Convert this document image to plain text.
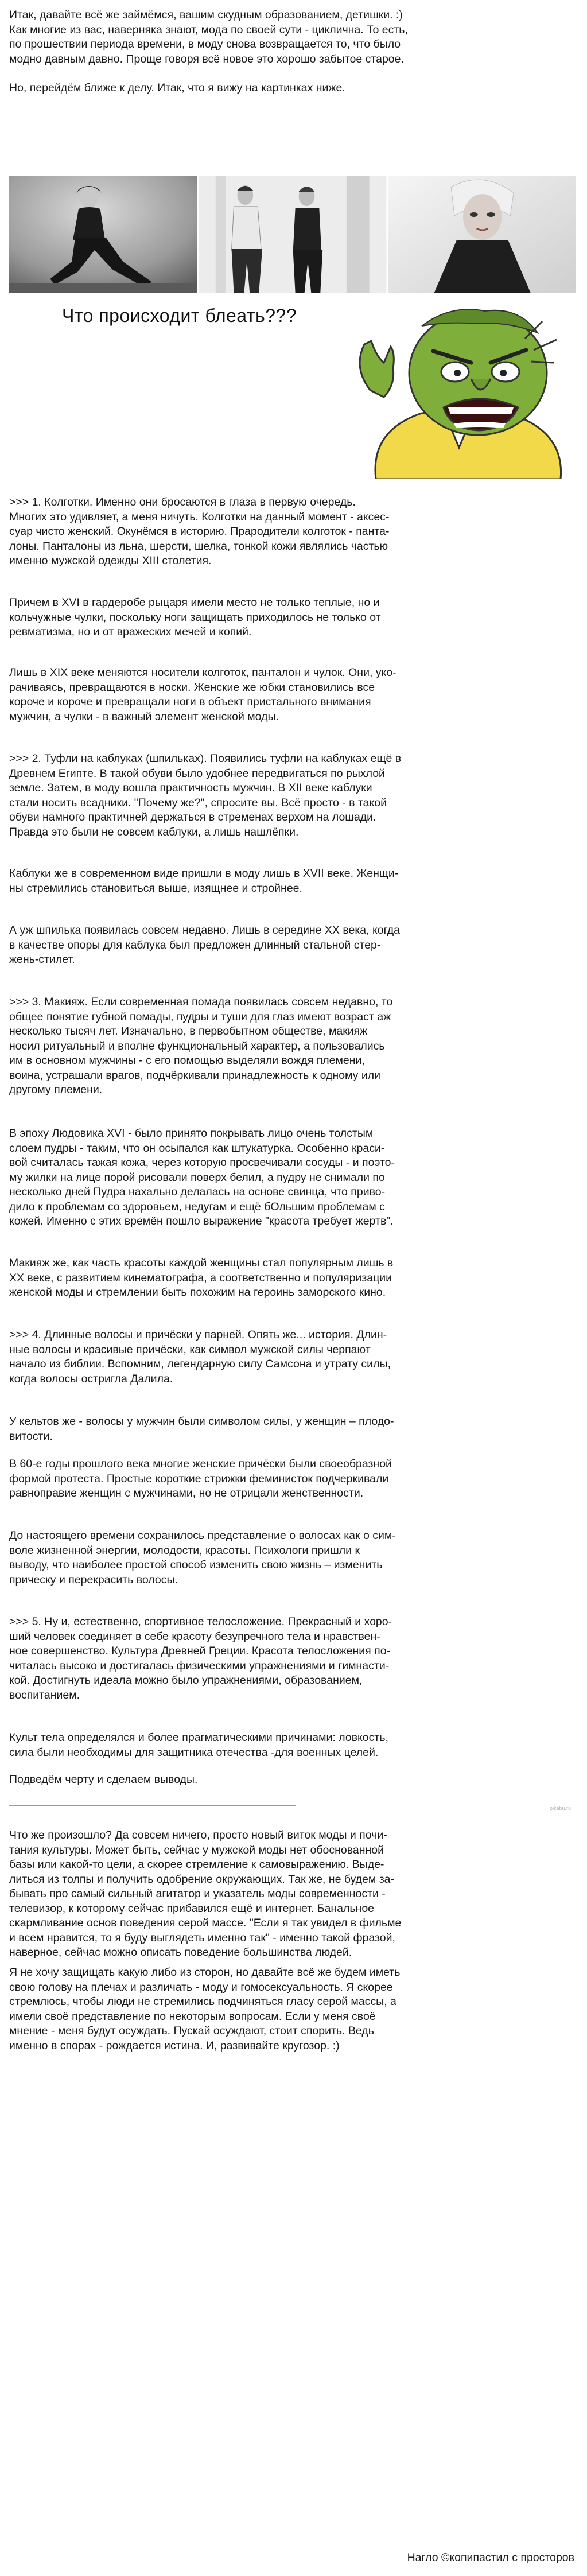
Итак, давайте всё же займёмся, вашим скудным образованием, детишки. :)
Как многие из вас, наверняка знают, мода по своей сути - циклична. То есть,
по прошествии периода времени, в моду снова возвращается то, что было
модно давным давно. Проще говоря всё новое это хорошо забытое старое.

Но, перейдём ближе к делу. Итак, что я вижу на картинках ниже.

Что происходит блеать???

>>> 1. Колготки. Именно они бросаются в глаза в первую очередь.
Многих это удивляет, а меня ничуть. Колготки на данный момент - аксес-
суар чисто женский. Окунёмся в историю. Прародители колготок - панта-
лоны. Панталоны из льна, шерсти, шелка, тонкой кожи являлись частью
именно мужской одежды XIII столетия.

Причем в XVI в гардеробе рыцаря имели место не только теплые, но и
кольчужные чулки, поскольку ноги защищать приходилось не только от
ревматизма, но и от вражеских мечей и копий.

Лишь в XIX веке меняются носители колготок, панталон и чулок. Они, уко-
рачиваясь, превращаются в носки. Женские же юбки становились все
короче и короче и превращали ноги в объект пристального внимания
мужчин, а чулки - в важный элемент женской моды.

>>> 2. Туфли на каблуках (шпильках). Появились туфли на каблуках ещё в
Древнем Египте. В такой обуви было удобнее передвигаться по рыхлой
земле. Затем, в моду вошла практичность мужчин. В XII веке каблуки
стали носить всадники. "Почему же?", спросите вы. Всё просто - в такой
обуви намного практичней держаться в стременах верхом на лошади.
Правда это были не совсем каблуки, а лишь нашлёпки.

Каблуки же в современном виде пришли в моду лишь в XVII веке. Женщи-
ны стремились становиться выше, изящнее и стройнее.

А уж шпилька появилась совсем недавно. Лишь в середине XX века, когда
в качестве опоры для каблука был предложен длинный стальной стер-
жень-стилет.

>>> 3. Макияж. Если современная помада появилась совсем недавно, то
общее понятие губной помады, пудры и туши для глаз имеют возраст аж
несколько тысяч лет. Изначально, в первобытном обществе, макияж
носил ритуальный и вполне функциональный характер, а пользовались
им в основном мужчины - с его помощью выделяли вождя племени,
воина, устрашали врагов, подчёркивали принадлежность к одному или
другому племени.

В эпоху Людовика XVI - было принято покрывать лицо очень толстым
слоем пудры - таким, что он осыпался как штукатурка. Особенно краси-
вой считалась тажая кожа, через которую просвечивали сосуды - и поэто-
му жилки на лице порой рисовали поверх белил, а пудру не снимали по
несколько дней Пудра нахально делалась на основе свинца, что приво-
дило к проблемам со здоровьем, недугам и ещё бОльшим проблемам с
кожей. Именно с этих времён пошло выражение "красота требует жертв".

Макияж же, как часть красоты каждой женщины стал популярным лишь в
XX веке, с развитием кинематографа, а соответственно и популяризации
женской моды и стремлении быть похожим на героинь заморского кино.

>>> 4. Длинные волосы и причёски у парней. Опять же... история. Длин-
ные волосы и красивые причёски, как символ мужской силы черпают
начало из библии. Вспомним, легендарную силу Самсона и утрату силы,
когда волосы остригла Далила.

У кельтов же - волосы у мужчин были символом силы, у женщин – плодо-
витости.

В 60-е годы прошлого века многие женские причёски были своеобразной
формой протеста. Простые короткие стрижки феминисток подчеркивали
равноправие женщин с мужчинами, но не отрицали женственности.

До настоящего времени сохранилось представление о волосах как о сим-
воле жизненной энергии, молодости, красоты. Психологи пришли к
выводу, что наиболее простой способ изменить свою жизнь – изменить
прическу и перекрасить волосы.

>>> 5. Ну и, естественно, спортивное телосложение. Прекрасный и хоро-
ший человек соединяет в себе красоту безупречного тела и нравствен-
ное совершенство. Культура Древней Греции. Красота телосложения по-
читалась высоко и достигалась физическими упражнениями и гимнасти-
кой. Достигнуть идеала можно было упражнениями, образованием,
воспитанием.

Культ тела определялся и более прагматическими причинами: ловкость,
сила были необходимы для защитника отечества -для военных целей.

Подведём черту и сделаем выводы.

pikabu.ru

Что же произошло? Да совсем ничего, просто новый виток моды и почи-
тания культуры. Может быть, сейчас у мужской моды нет обоснованной
базы или какой-то цели, а скорее стремление к самовыражению. Выде-
литься из толпы и получить одобрение окружающих. Так же, не будем за-
бывать про самый сильный агитатор и указатель моды современности -
телевизор, к которому сейчас прибавился ещё и интернет. Банальное
скармливание основ поведения серой массе. "Если я так увидел в фильме
и всем нравится, то я буду выглядеть именно так" - именно такой фразой,
наверное, сейчас можно описать поведение большинства людей.

Я не хочу защищать какую либо из сторон, но давайте всё же будем иметь
свою голову на плечах и различать - моду и гомосексуальность. Я скорее
стремлюсь, чтобы люди не стремились подчиняться гласу серой массы, а
имели своё представление по некоторым вопросам. Если у меня своё
мнение - меня будут осуждать. Пускай осуждают, стоит спорить. Ведь
именно в спорах - рождается истина. И, развивайте кругозор. :)

Нагло ©копипастил с просторов
